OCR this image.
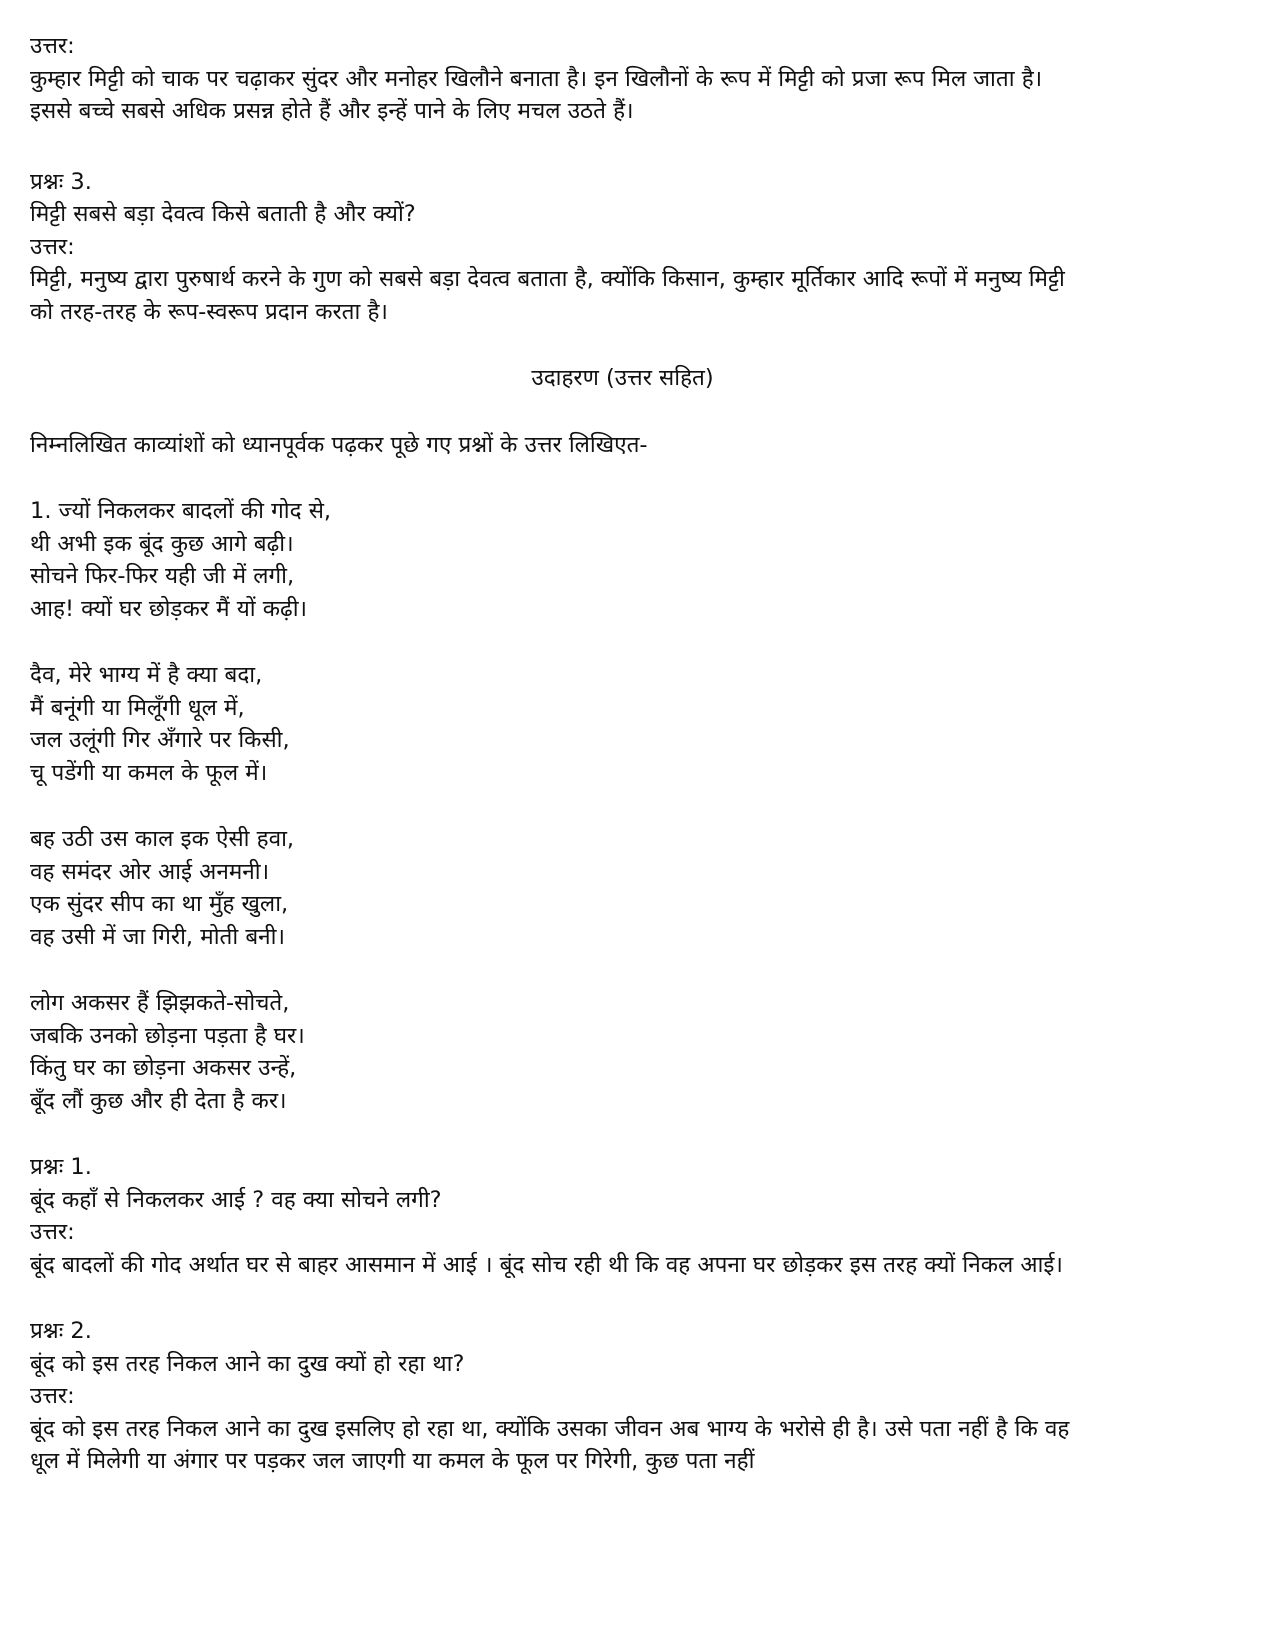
उत्तर:
कुम्हार मिट्टी को चाक पर चढ़ाकर सुंदर और मनोहर खिलौने बनाता है। इन खिलौनों के रूप में मिट्टी को प्रजा रूप मिल जाता है।
इससे बच्चे सबसे अधिक प्रसन्न होते हैं और इन्हें पाने के लिए मचल उठते हैं।
प्रश्नः 3.
मिट्टी सबसे बड़ा देवत्व किसे बताती है और क्यों?
उत्तर:
मिट्टी, मनुष्य द्वारा पुरुषार्थ करने के गुण को सबसे बड़ा देवत्व बताता है, क्योंकि किसान, कुम्हार मूर्तिकार आदि रूपों में मनुष्य मिट्टी
को तरह-तरह के रूप-स्वरूप प्रदान करता है।
उदाहरण (उत्तर सहित)
निम्नलिखित काव्यांशों को ध्यानपूर्वक पढ़कर पूछे गए प्रश्नों के उत्तर लिखिएत-
1. ज्यों निकलकर बादलों की गोद से,
थी अभी इक बूंद कुछ आगे बढ़ी।
सोचने फिर-फिर यही जी में लगी,
आह! क्यों घर छोड़कर मैं यों कढ़ी।
दैव, मेरे भाग्य में है क्या बदा,
मैं बनूंगी या मिलूँगी धूल में,
जल उलूंगी गिर अँगारे पर किसी,
चू पडेंगी या कमल के फूल में।
बह उठी उस काल इक ऐसी हवा,
वह समंदर ओर आई अनमनी।
एक सुंदर सीप का था मुँह खुला,
वह उसी में जा गिरी, मोती बनी।
लोग अकसर हैं झिझकते-सोचते,
जबकि उनको छोड़ना पड़ता है घर।
किंतु घर का छोड़ना अकसर उन्हें,
बूँद लौं कुछ और ही देता है कर।
प्रश्नः 1.
बूंद कहाँ से निकलकर आई ? वह क्या सोचने लगी?
उत्तर:
बूंद बादलों की गोद अर्थात घर से बाहर आसमान में आई । बूंद सोच रही थी कि वह अपना घर छोड़कर इस तरह क्यों निकल आई।
प्रश्नः 2.
बूंद को इस तरह निकल आने का दुख क्यों हो रहा था?
उत्तर:
बूंद को इस तरह निकल आने का दुख इसलिए हो रहा था, क्योंकि उसका जीवन अब भाग्य के भरोसे ही है। उसे पता नहीं है कि वह
धूल में मिलेगी या अंगार पर पड़कर जल जाएगी या कमल के फूल पर गिरेगी, कुछ पता नहीं
